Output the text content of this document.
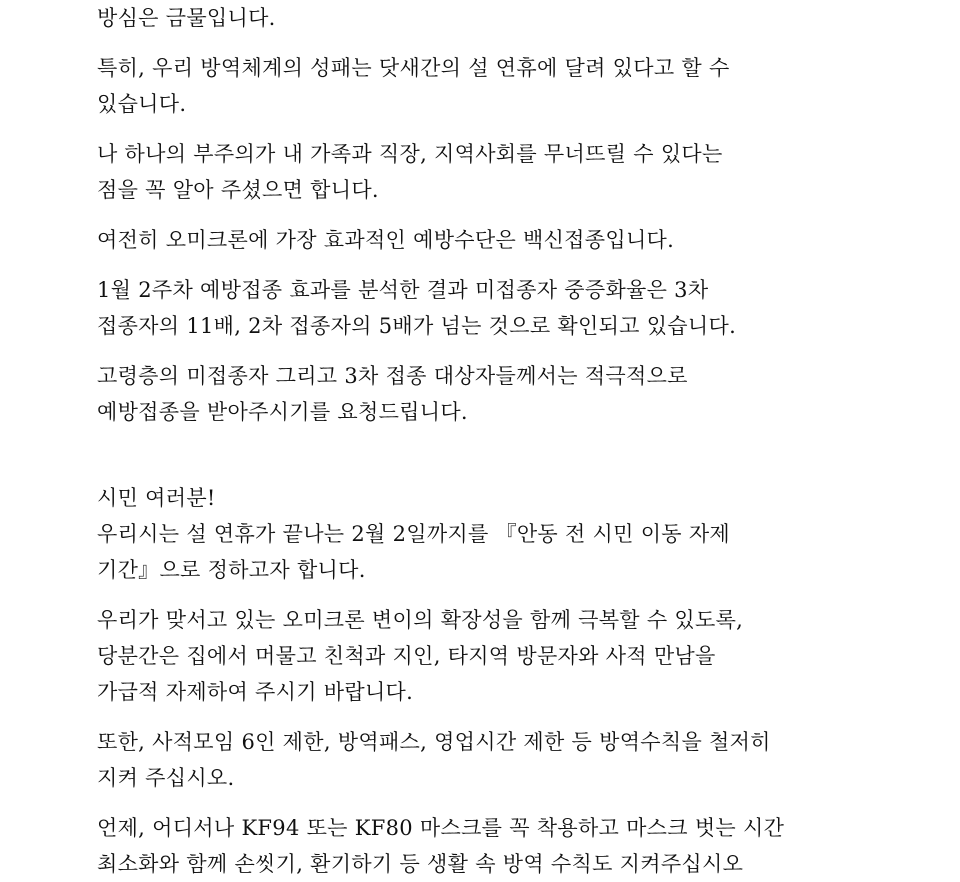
방심은 금물입니다.

특히, 우리 방역체계의 성패는 닷새간의 설 연휴에 달려 있다고 할 수
있습니다.

나 하나의 부주의가 내 가족과 직장, 지역사회를 무너뜨릴 수 있다는
점을 꼭 알아 주셨으면 합니다.

여전히 오미크론에 가장 효과적인 예방수단은 백신접종입니다.

1월 2주차 예방접종 효과를 분석한 결과 미접종자 중증화율은 3차
접종자의 11배, 2차 접종자의 5배가 넘는 것으로 확인되고 있습니다.

고령층의 미접종자 그리고 3차 접종 대상자들께서는 적극적으로
예방접종을 받아주시기를 요청드립니다.

시민 여러분!
우리시는 설 연휴가 끝나는 2월 2일까지를 『안동 전 시민 이동 자제
기간』으로 정하고자 합니다.

우리가 맞서고 있는 오미크론 변이의 확장성을 함께 극복할 수 있도록,
당분간은 집에서 머물고 친척과 지인, 타지역 방문자와 사적 만남을
가급적 자제하여 주시기 바랍니다.

또한, 사적모임 6인 제한, 방역패스, 영업시간 제한 등 방역수칙을 철저히
지켜 주십시오.

언제, 어디서나 KF94 또는 KF80 마스크를 꼭 착용하고 마스크 벗는 시간
최소화와 함께 손씻기, 환기하기 등 생활 속 방역 수칙도 지켜주십시오
